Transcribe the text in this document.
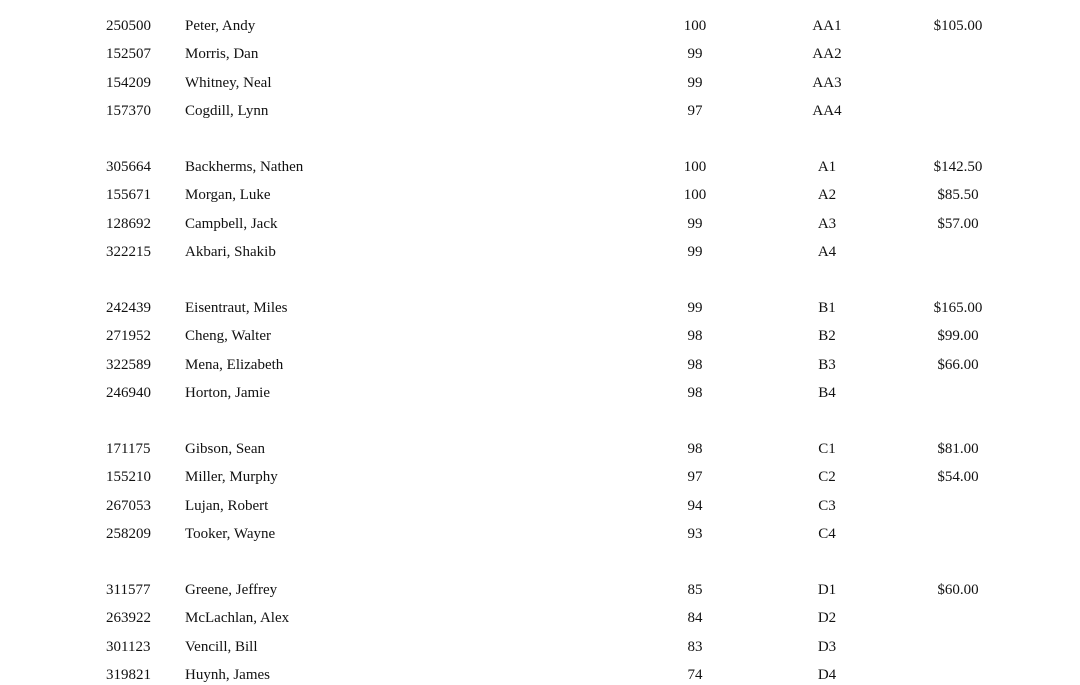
250500 Peter, Andy	100	AA1	$105.00
152507 Morris, Dan	99	AA2
154209 Whitney, Neal	99	AA3
157370 Cogdill, Lynn	97	AA4
305664 Backherms, Nathen	100	A1	$142.50
155671 Morgan, Luke	100	A2	$85.50
128692 Campbell, Jack	99	A3	$57.00
322215 Akbari, Shakib	99	A4
242439 Eisentraut, Miles	99	B1	$165.00
271952 Cheng, Walter	98	B2	$99.00
322589 Mena, Elizabeth	98	B3	$66.00
246940 Horton, Jamie	98	B4
171175 Gibson, Sean	98	C1	$81.00
155210 Miller, Murphy	97	C2	$54.00
267053 Lujan, Robert	94	C3
258209 Tooker, Wayne	93	C4
311577 Greene, Jeffrey	85	D1	$60.00
263922 McLachlan, Alex	84	D2
301123 Vencill, Bill	83	D3
319821 Huynh, James	74	D4
